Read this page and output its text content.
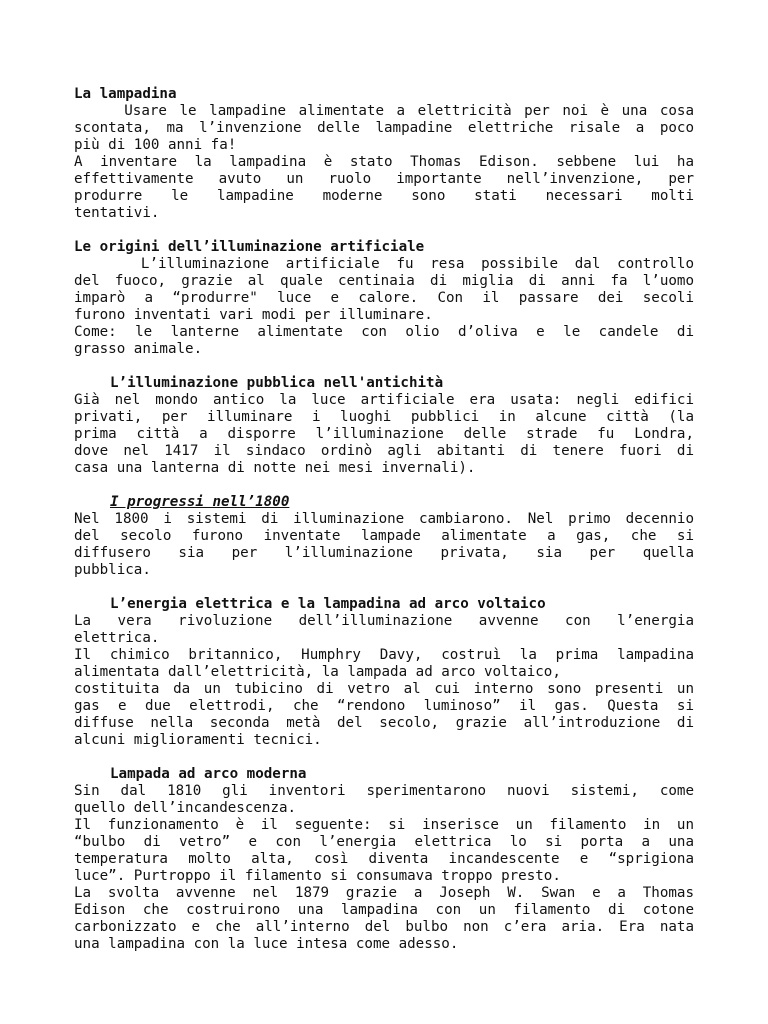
La lampadina
Usare le lampadine alimentate a elettricità per noi è una cosa
scontata, ma l’invenzione delle lampadine elettriche risale a poco
più di 100 anni fa!
A inventare la lampadina è stato Thomas Edison. sebbene lui ha
effettivamente avuto un ruolo importante nell’invenzione, per
produrre le lampadine moderne sono stati necessari molti
tentativi.
Le origini dell’illuminazione artificiale
L’illuminazione artificiale fu resa possibile dal controllo
del fuoco, grazie al quale centinaia di miglia di anni fa l’uomo
imparò a “produrre" luce e calore. Con il passare dei secoli
furono inventati vari modi per illuminare.
Come: le lanterne alimentate con olio d’oliva e le candele di
grasso animale.
L’illuminazione pubblica nell'antichità
Già nel mondo antico la luce artificiale era usata: negli edifici
privati, per illuminare i luoghi pubblici in alcune città (la
prima città a disporre l’illuminazione delle strade fu Londra,
dove nel 1417 il sindaco ordinò agli abitanti di tenere fuori di
casa una lanterna di notte nei mesi invernali).
I progressi nell’1800
Nel 1800 i sistemi di illuminazione cambiarono. Nel primo decennio
del secolo furono inventate lampade alimentate a gas, che si
diffusero sia per l’illuminazione privata, sia per quella
pubblica.
L’energia elettrica e la lampadina ad arco voltaico
La vera rivoluzione dell’illuminazione avvenne con l’energia
elettrica.
Il chimico britannico, Humphry Davy, costruì la prima lampadina
alimentata dall’elettricità, la lampada ad arco voltaico,
costituita da un tubicino di vetro al cui interno sono presenti un
gas e due elettrodi, che “rendono luminoso” il gas. Questa si
diffuse nella seconda metà del secolo, grazie all’introduzione di
alcuni miglioramenti tecnici.
Lampada ad arco moderna
Sin dal 1810 gli inventori sperimentarono nuovi sistemi, come
quello dell’incandescenza.
Il funzionamento è il seguente: si inserisce un filamento in un
“bulbo di vetro” e con l’energia elettrica lo si porta a una
temperatura molto alta, così diventa incandescente e “sprigiona
luce”. Purtroppo il filamento si consumava troppo presto.
La svolta avvenne nel 1879 grazie a Joseph W. Swan e a Thomas
Edison che costruirono una lampadina con un filamento di cotone
carbonizzato e che all’interno del bulbo non c’era aria. Era nata
una lampadina con la luce intesa come adesso.
